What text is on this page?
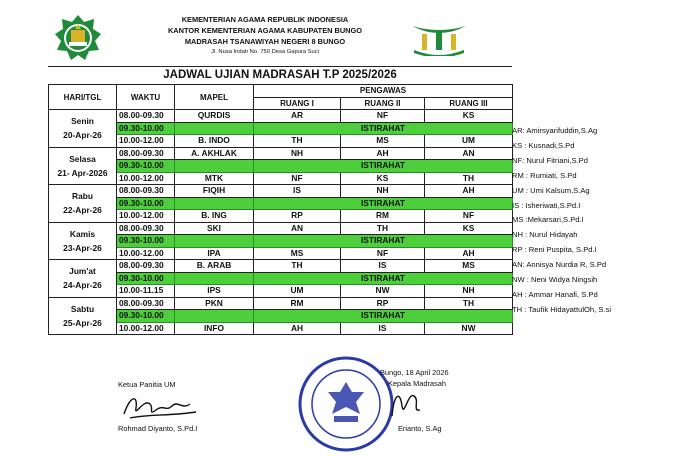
KEMENTERIAN AGAMA REPUBLIK INDONESIA
KANTOR KEMENTERIAN AGAMA KABUPATEN BUNGO
MADRASAH TSANAWIYAH NEGERI 8 BUNGO
Jl. Nusa Indah No. 750 Desa Gapura Suci
JADWAL UJIAN MADRASAH T.P 2025/2026
HARI/TGL	WAKTU	MAPEL	PENGAWAS		
			RUANG I	RUANG II	RUANG III

Senin
20-Apr-26	08.00-09.30	QURDIS	AR	NF	KS
	09.30-10.00		ISTIRAHAT		
	10.00-12.00	B. INDO	TH	MS	UM

Selasa
21- Apr-2026	08.00-09.30	A. AKHLAK	NH	AH	AN
	09.30-10.00		ISTIRAHAT		
	10.00-12.00	MTK	NF	KS	TH

Rabu
22-Apr-26	08.00-09.30	FIQIH	IS	NH	AH
	09.30-10.00		ISTIRAHAT		
	10.00-12.00	B. ING	RP	RM	NF

Kamis
23-Apr-26	08.00-09.30	SKI	AN	TH	KS
	09.30-10.00		ISTIRAHAT		
	10.00-12.00	IPA	MS	NF	AH

Jum'at
24-Apr-26	08.00-09.30	B. ARAB	TH	IS	MS
	09.30-10.00		ISTIRAHAT		
	10.00-11.15	IPS	UM	NW	NH

Sabtu
25-Apr-26	08.00-09.30	PKN	RM	RP	TH
	09.30-10.00		ISTIRAHAT		
	10.00-12.00	INFO	AH	IS	NW
AR: Amirsyarifuddin,S.Ag
KS : Kusnadi,S.Pd
NF: Nurul Fitriani,S.Pd
RM : Rumiati, S.Pd
UM : Umi Kalsum,S.Ag
IS : Isheriwati,S.Pd.I
MS :Mekarsari,S.Pd.I
NH : Nurul Hidayah
RP : Reni Puspita, S.Pd.I
AN: Annisya Nurdia R, S.Pd
NW : Neni Widya Ningsih
AH : Ammar Hanafi, S.Pd
TH : Taufik HidayattulOh, S.si
Ketua Panitia UM
Rohmad Diyanto, S.Pd.I
Bungo, 18 April 2026
Kepala Madrasah
Erianto, S.Ag
